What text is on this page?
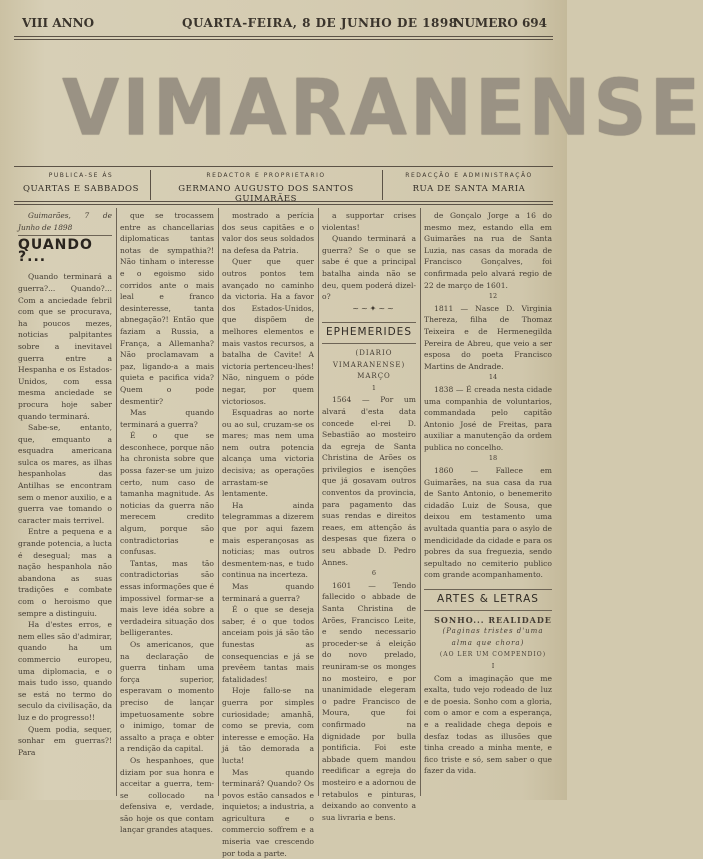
VIII ANNO	QUARTA-FEIRA, 8 DE JUNHO DE 1898
NUMERO 694
VIMARANENSE
PUBLICA-SE ÁS
QUARTAS E SABBADOS
REDACTOR E PROPRIETARIO
GERMANO AUGUSTO DOS SANTOS GUIMARÃES
REDACÇÃO E ADMINISTRAÇÃO
RUA DE SANTA MARIA

Guimarães, 7 de Junho de 1898

QUANDO ?...

Quando terminará a guerra?... Quando?... Com a anciedade febril com que se procurava, ha poucos mezes, noticias palpitantes sobre a inevitavel guerra entre a Hespanha e os Estados-Unidos, com essa mesma anciedade se procura hoje saber quando terminará.

Sabe-se, entanto, que, emquanto a esquadra americana sulca os mares, as ilhas hespanholas das Antilhas se encontram sem o menor auxilio, e a guerra vae tomando o caracter mais terrivel.

Entre a pequena e a grande potencia, a lucta é desegual; mas a nação hespanhola não abandona as suas tradições e combate com o heroismo que sempre a distinguiu.

Ha d'estes erros, e nem elles são d'admirar, quando ha um commercio europeu, uma diplomacia, e o mais tudo isso, quando se está no termo do seculo da civilisação, da luz e do progresso!!

Quem podia, sequer, sonhar em guerras?! Para

que se trocassem entre as chancellarias diplomaticas tantas notas de sympathia?! Não tinham o interesse e o egoismo sido corridos ante o mais leal e franco desinteresse, tanta abnegação?! Então que faziam a Russia, a França, a Allemanha? Não proclamavam a paz, ligando-a a mais quieta e pacifica vida? Quem o pode desmentir?

Mas quando terminará a guerra?

É o que se desconhece, porque não ha chronista sobre que possa fazer-se um juizo certo, num caso de tamanha magnitude. As noticias da guerra não merecem credito algum, porque são contradictorias e confusas.

Tantas, mas tão contradictorias são essas informações que é impossivel formar-se a mais leve idéa sobre a verdadeira situação dos belligerantes.

Os americanos, que na declaração de guerra tinham uma força superior, esperavam o momento preciso de lançar impetuosamente sobre o inimigo, tomar de assalto a praça e obter a rendição da capital.

Os hespanhoes, que diziam por sua honra e acceitar a guerra, tem-se collocado na defensiva e, verdade, são hoje os que contam lançar grandes ataques.

mostrado a perícia dos seus capitães e o valor dos seus soldados na defesa da Patria.

Quer que quer outros pontos tem avançado no caminho da victoria. Ha a favor dos Estados-Unidos, que dispõem de melhores elementos e mais vastos recursos, a batalha de Cavite! A victoria pertenceu-lhes! Não, ninguem o póde negar, por quem victoriosos.

Esquadras ao norte ou ao sul, cruzam-se os mares; mas nem uma nem outra potencia alcança uma victoria decisiva; as operações arrastam-se lentamente.

Ha ainda telegrammas a dizerem que por aqui fazem mais esperançosas as noticias; mas outros desmentem-nas, e tudo continua na incerteza.

Mas quando terminará a guerra?

É o que se deseja saber, é o que todos anceiam pois já são tão funestas as consequencias e já se prevêem tantas mais fatalidades!

Hoje fallo-se na guerra por simples curiosidade; amanhã, como se previa, com interesse e emoção. Ha já tão demorada a lucta!

Mas quando terminará? Quando? Os povos estão cansados e inquietos; a industria, a agricultura e o commercio soffrem e a miseria vae crescendo por toda a parte.

a supportar crises violentas!

Quando terminará a guerra? Se o que se sabe é que a principal batalha ainda não se deu, quem poderá dizel-o?

~~✦~~

EPHEMERIDES

(DIARIO VIMARANENSE)

MARÇO

1

1564 — Por um alvará d'esta data concede el-rei D. Sebastião ao mosteiro da egreja de Santa Christina de Arões os privilegios e isenções que já gosavam outros conventos da provincia, para pagamento das suas rendas e direitos reaes, em attenção ás despesas que fizera o seu abbade D. Pedro Annes.

6

1601 — Tendo fallecido o abbade de Santa Christina de Arões, Francisco Leite, e sendo necessario proceder-se á eleição do novo prelado, reuniram-se os monges no mosteiro, e por unanimidade elegeram o padre Francisco de Moura, que foi confirmado na dignidade por bulla pontificia. Foi este abbade quem mandou reedificar a egreja do mosteiro e a adornou de retabulos e pinturas, deixando ao convento a sua livraria e bens.

de Gonçalo Jorge a 16 do mesmo mez, estando ella em Guimarães na rua de Santa Luzia, nas casas da morada de Francisco Gonçalves, foi confirmada pelo alvará regio de 22 de março de 1601.

12

1811 — Nasce D. Virginia Thereza, filha de Thomaz Teixeira e de Hermenegilda Pereira de Abreu, que veio a ser esposa do poeta Francisco Martins de Andrade.

14

1838 — É creada nesta cidade uma companhia de voluntarios, commandada pelo capitão Antonio José de Freitas, para auxiliar a manutenção da ordem publica no concelho.

18

1860 — Fallece em Guimarães, na sua casa da rua de Santo Antonio, o benemerito cidadão Luiz de Sousa, que deixou em testamento uma avultada quantia para o asylo de mendicidade da cidade e para os pobres da sua freguezia, sendo sepultado no cemiterio publico com grande acompanhamento.

ARTES & LETRAS

SONHO... REALIDADE

(Paginas tristes d'uma alma que chora)

(AO LER UM COMPENDIO)

I

Com a imaginação que me exalta, tudo vejo rodeado de luz e de poesia. Sonho com a gloria, com o amor e com a esperança, e a realidade chega depois e desfaz todas as illusões que tinha creado a minha mente, e fico triste e só, sem saber o que fazer da vida.
